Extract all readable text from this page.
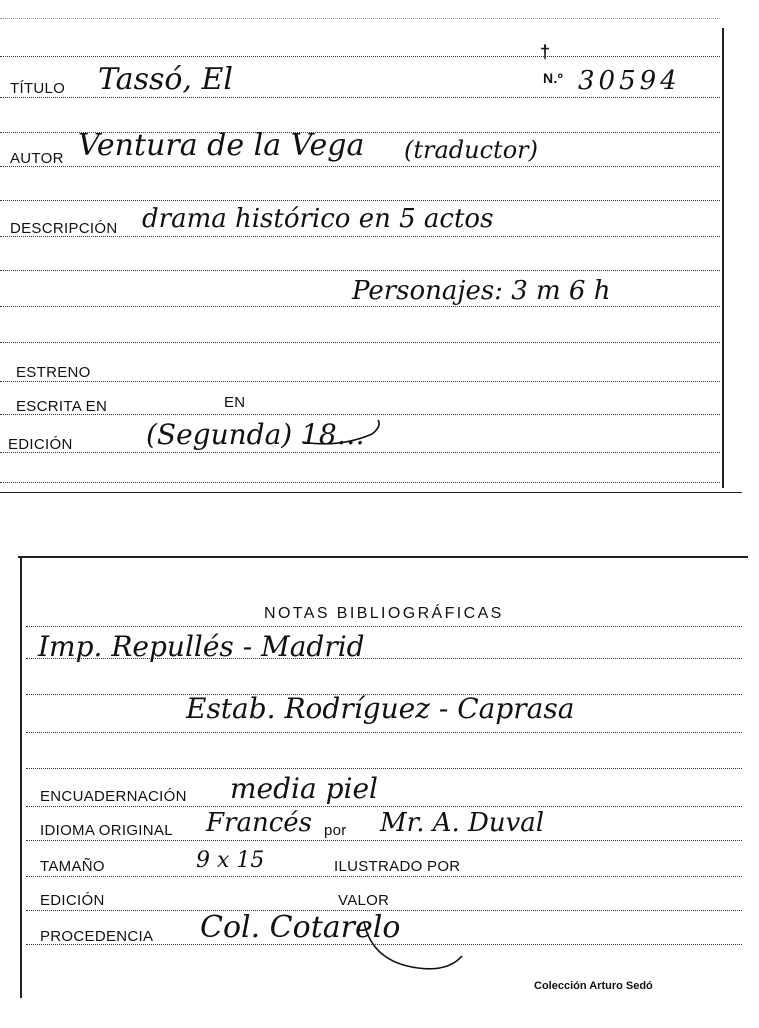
TÍTULO Tassó, El
†
N.º 30594
AUTOR Ventura de la Vega (traductor)
DESCRIPCIÓN drama histórico en 5 actos
Personajes: 3 m 6 h
ESTRENO
ESCRITA EN	EN
EDICIÓN	(Segunda) 18…
NOTAS BIBLIOGRÁFICAS
Imp. Repullés - Madrid
Estab. Rodríguez - Caprasa
ENCUADERNACIÓN media piel
IDIOMA ORIGINAL Francés por Mr. A. Duval
TAMAÑO	9 x 15	ILUSTRADO POR
EDICIÓN	VALOR
PROCEDENCIA Col. Cotarelo
Colección Arturo Sedó
